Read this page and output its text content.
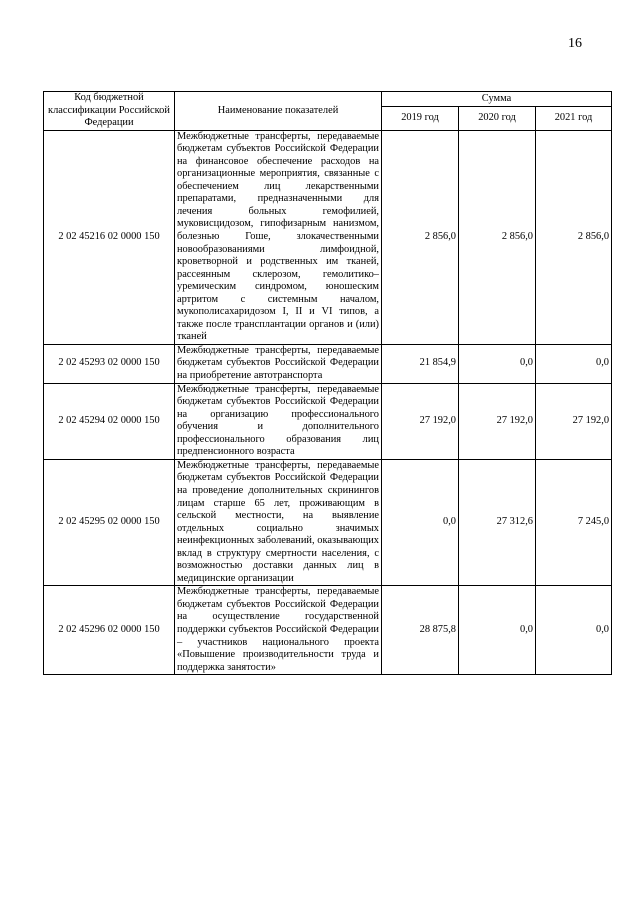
16
Код бюджетной классификации Российской Федерации	Наименование показателей	Сумма		
		2019 год	2020 год	2021 год
2 02 45216 02 0000 150	Межбюджетные трансферты, передаваемые бюджетам субъектов Российской Федерации на финансовое обеспечение расходов на организационные мероприятия, связанные с обеспечением лиц лекарственными препаратами, предназначенными для лечения больных гемофилией, муковисцидозом, гипофизарным нанизмом, болезнью Гоше, злокачественными новообразованиями лимфоидной, кроветворной и родственных им тканей, рассеянным склерозом, гемолитико–уремическим синдромом, юношеским артритом с системным началом, мукополисахаридозом I, II и VI типов, а также после трансплантации органов и (или) тканей	2 856,0	2 856,0	2 856,0
2 02 45293 02 0000 150	Межбюджетные трансферты, передаваемые бюджетам субъектов Российской Федерации на приобретение автотранспорта	21 854,9	0,0	0,0
2 02 45294 02 0000 150	Межбюджетные трансферты, передаваемые бюджетам субъектов Российской Федерации на организацию профессионального обучения и дополнительного профессионального образования лиц предпенсионного возраста	27 192,0	27 192,0	27 192,0
2 02 45295 02 0000 150	Межбюджетные трансферты, передаваемые бюджетам субъектов Российской Федерации на проведение дополнительных скринингов лицам старше 65 лет, проживающим в сельской местности, на выявление отдельных социально значимых неинфекционных заболеваний, оказывающих вклад в структуру смертности населения, с возможностью доставки данных лиц в медицинские организации	0,0	27 312,6	7 245,0
2 02 45296 02 0000 150	Межбюджетные трансферты, передаваемые бюджетам субъектов Российской Федерации на осуществление государственной поддержки субъектов Российской Федерации – участников национального проекта «Повышение производительности труда и поддержка занятости»	28 875,8	0,0	0,0
